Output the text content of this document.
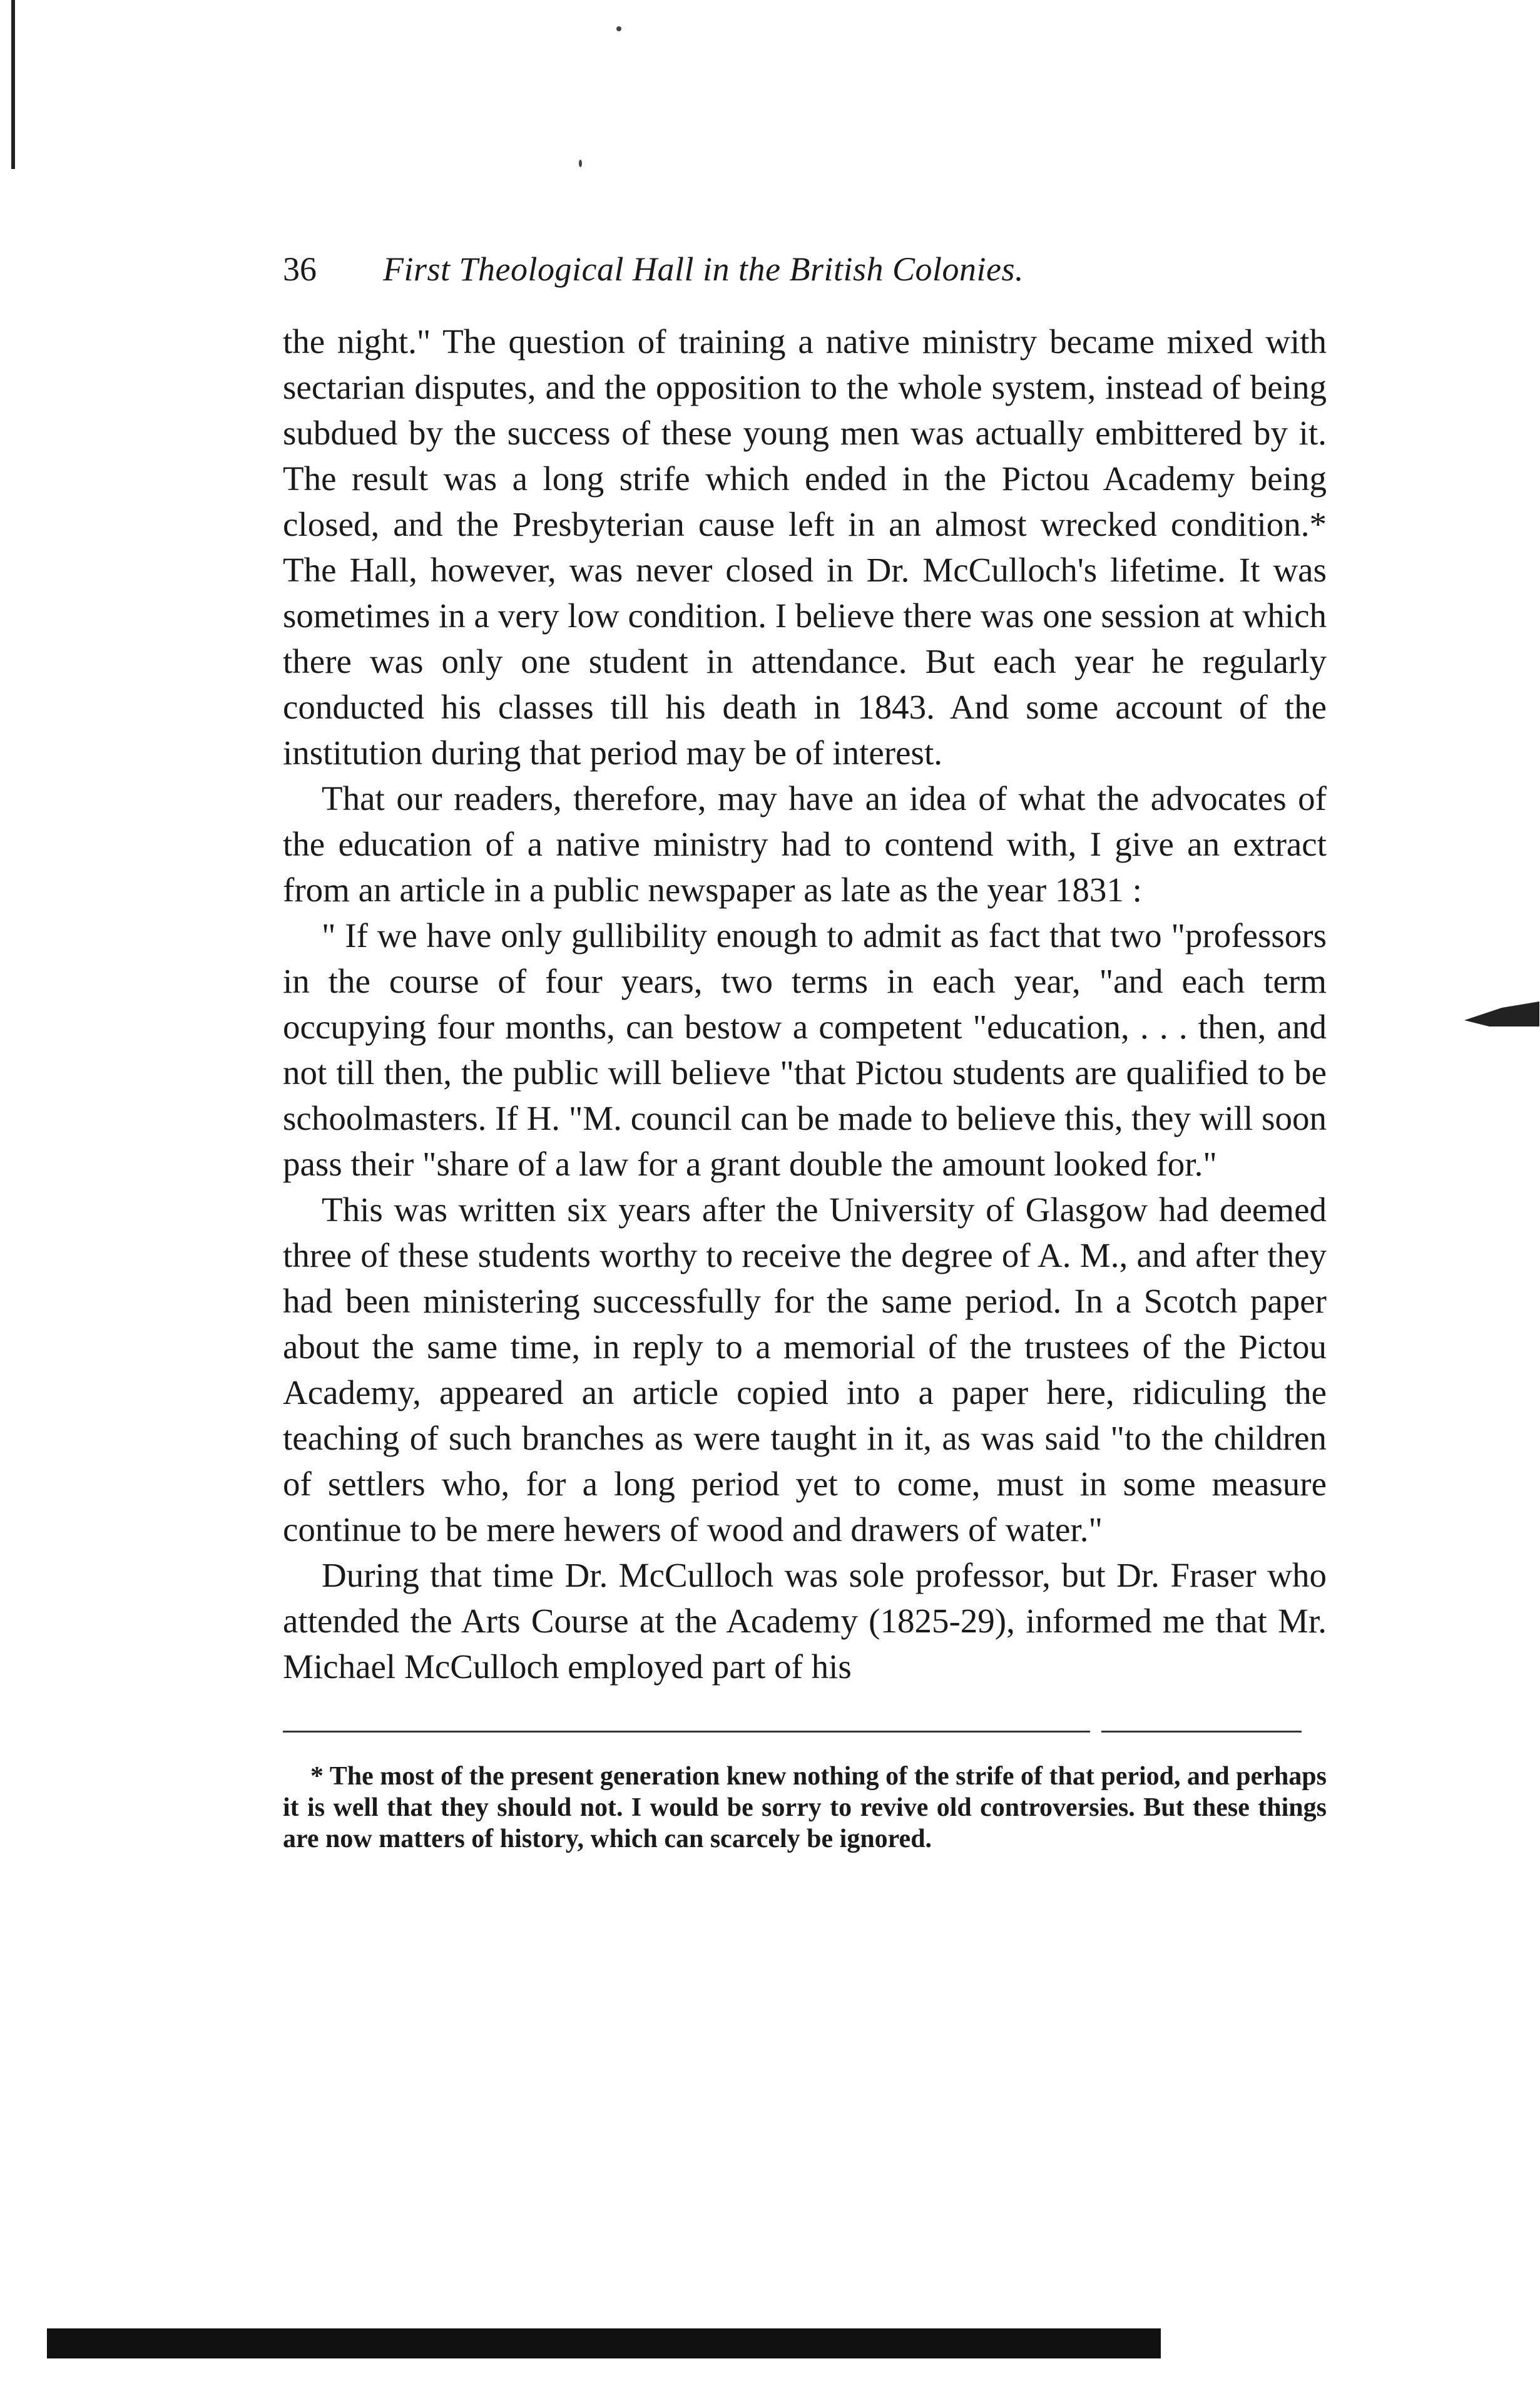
36 First Theological Hall in the British Colonies.

the night." The question of training a native ministry became mixed with sectarian disputes, and the opposition to the whole system, instead of being subdued by the success of these young men was actually embittered by it. The result was a long strife which ended in the Pictou Academy being closed, and the Presbyterian cause left in an almost wrecked condition.* The Hall, however, was never closed in Dr. McCulloch's lifetime. It was sometimes in a very low condition. I believe there was one session at which there was only one student in attendance. But each year he regularly conducted his classes till his death in 1843. And some account of the institution during that period may be of interest.

That our readers, therefore, may have an idea of what the advocates of the education of a native ministry had to contend with, I give an extract from an article in a public newspaper as late as the year 1831 :

" If we have only gullibility enough to admit as fact that two "professors in the course of four years, two terms in each year, "and each term occupying four months, can bestow a competent "education, . . . then, and not till then, the public will believe "that Pictou students are qualified to be schoolmasters. If H. "M. council can be made to believe this, they will soon pass their "share of a law for a grant double the amount looked for."

This was written six years after the University of Glasgow had deemed three of these students worthy to receive the degree of A. M., and after they had been ministering successfully for the same period. In a Scotch paper about the same time, in reply to a memorial of the trustees of the Pictou Academy, appeared an article copied into a paper here, ridiculing the teaching of such branches as were taught in it, as was said "to the children of settlers who, for a long period yet to come, must in some measure continue to be mere hewers of wood and drawers of water."

During that time Dr. McCulloch was sole professor, but Dr. Fraser who attended the Arts Course at the Academy (1825-29), informed me that Mr. Michael McCulloch employed part of his

* The most of the present generation knew nothing of the strife of that period, and perhaps it is well that they should not. I would be sorry to revive old controversies. But these things are now matters of history, which can scarcely be ignored.
